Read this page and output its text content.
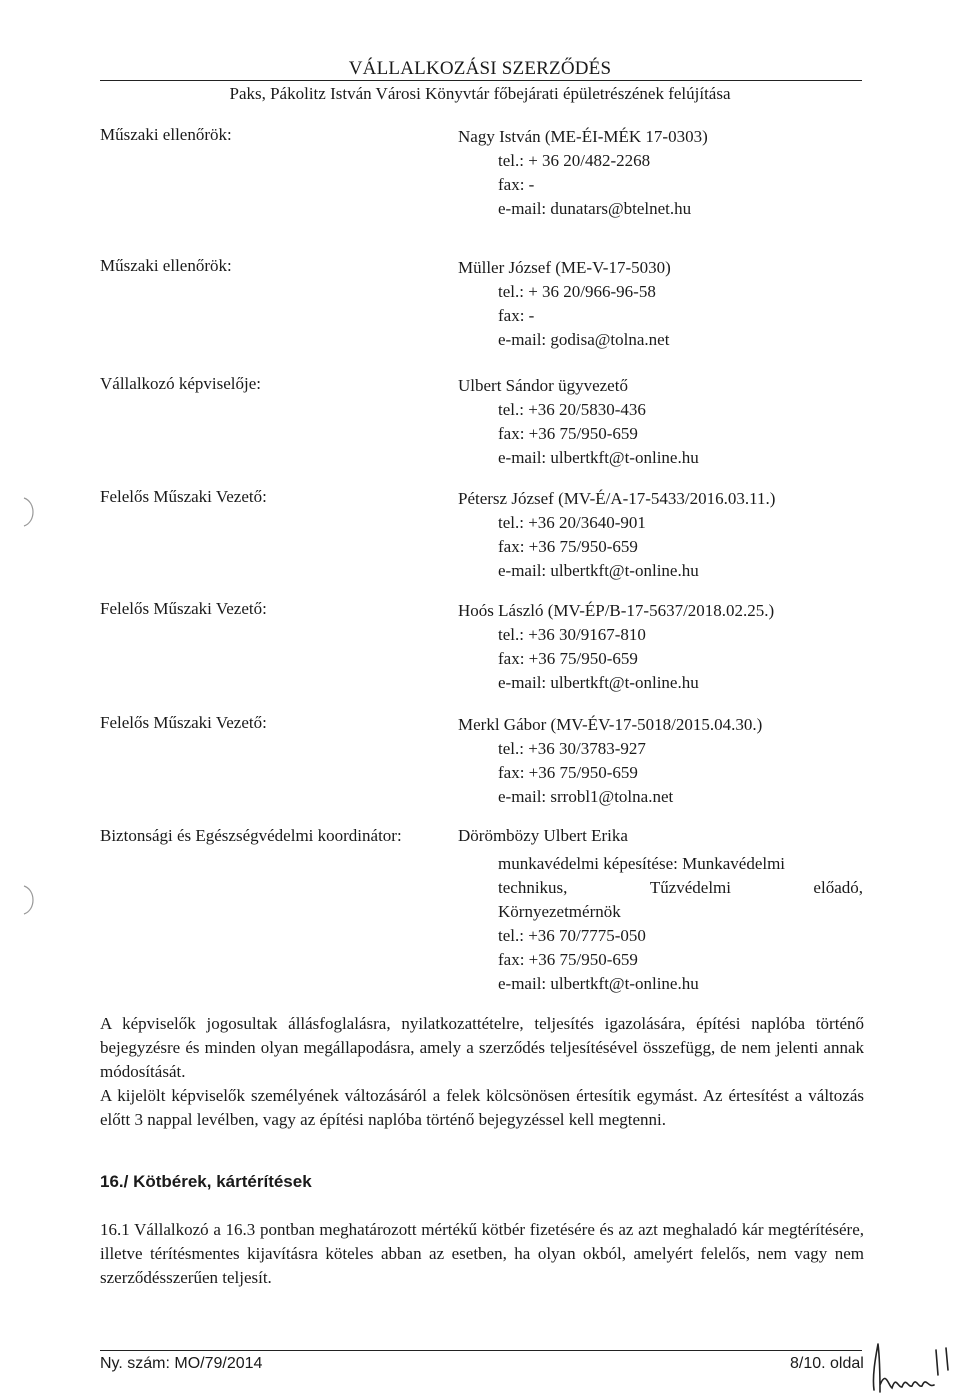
VÁLLALKOZÁSI SZERZŐDÉS
Paks, Pákolitz István Városi Könyvtár főbejárati épületrészének felújítása
Műszaki ellenőrök:	Nagy István (ME-ÉI-MÉK 17-0303)
tel.: + 36 20/482-2268
fax: -
e-mail: dunatars@btelnet.hu
Műszaki ellenőrök:	Müller József (ME-V-17-5030)
tel.: + 36 20/966-96-58
fax: -
e-mail: godisa@tolna.net
Vállalkozó képviselője:	Ulbert Sándor ügyvezető
tel.: +36 20/5830-436
fax: +36 75/950-659
e-mail: ulbertkft@t-online.hu
Felelős Műszaki Vezető:	Pétersz József (MV-É/A-17-5433/2016.03.11.)
tel.: +36 20/3640-901
fax: +36 75/950-659
e-mail: ulbertkft@t-online.hu
Felelős Műszaki Vezető:	Hoós László (MV-ÉP/B-17-5637/2018.02.25.)
tel.: +36 30/9167-810
fax: +36 75/950-659
e-mail: ulbertkft@t-online.hu
Felelős Műszaki Vezető:	Merkl Gábor (MV-ÉV-17-5018/2015.04.30.)
tel.: +36 30/3783-927
fax: +36 75/950-659
e-mail: srrobl1@tolna.net
Biztonsági és Egészségvédelmi koordinátor:	Dörömbözy Ulbert Erika
munkavédelmi képesítése: Munkavédelmi
technikus,	Tűzvédelmi	előadó,
Környezetmérnök
tel.: +36 70/7775-050
fax: +36 75/950-659
e-mail: ulbertkft@t-online.hu

A képviselők jogosultak állásfoglalásra, nyilatkozattételre, teljesítés igazolására, építési naplóba történő bejegyzésre és minden olyan megállapodásra, amely a szerződés teljesítésével összefügg, de nem jelenti annak módosítását.

A kijelölt képviselők személyének változásáról a felek kölcsönösen értesítik egymást. Az értesítést a változás előtt 3 nappal levélben, vagy az építési naplóba történő bejegyzéssel kell megtenni.

16./ Kötbérek, kártérítések

16.1 Vállalkozó a 16.3 pontban meghatározott mértékű kötbér fizetésére és az azt meghaladó kár megtérítésére, illetve térítésmentes kijavításra köteles abban az esetben, ha olyan okból, amelyért felelős, nem vagy nem szerződésszerűen teljesít.

Ny. szám: MO/79/2014	8/10. oldal
